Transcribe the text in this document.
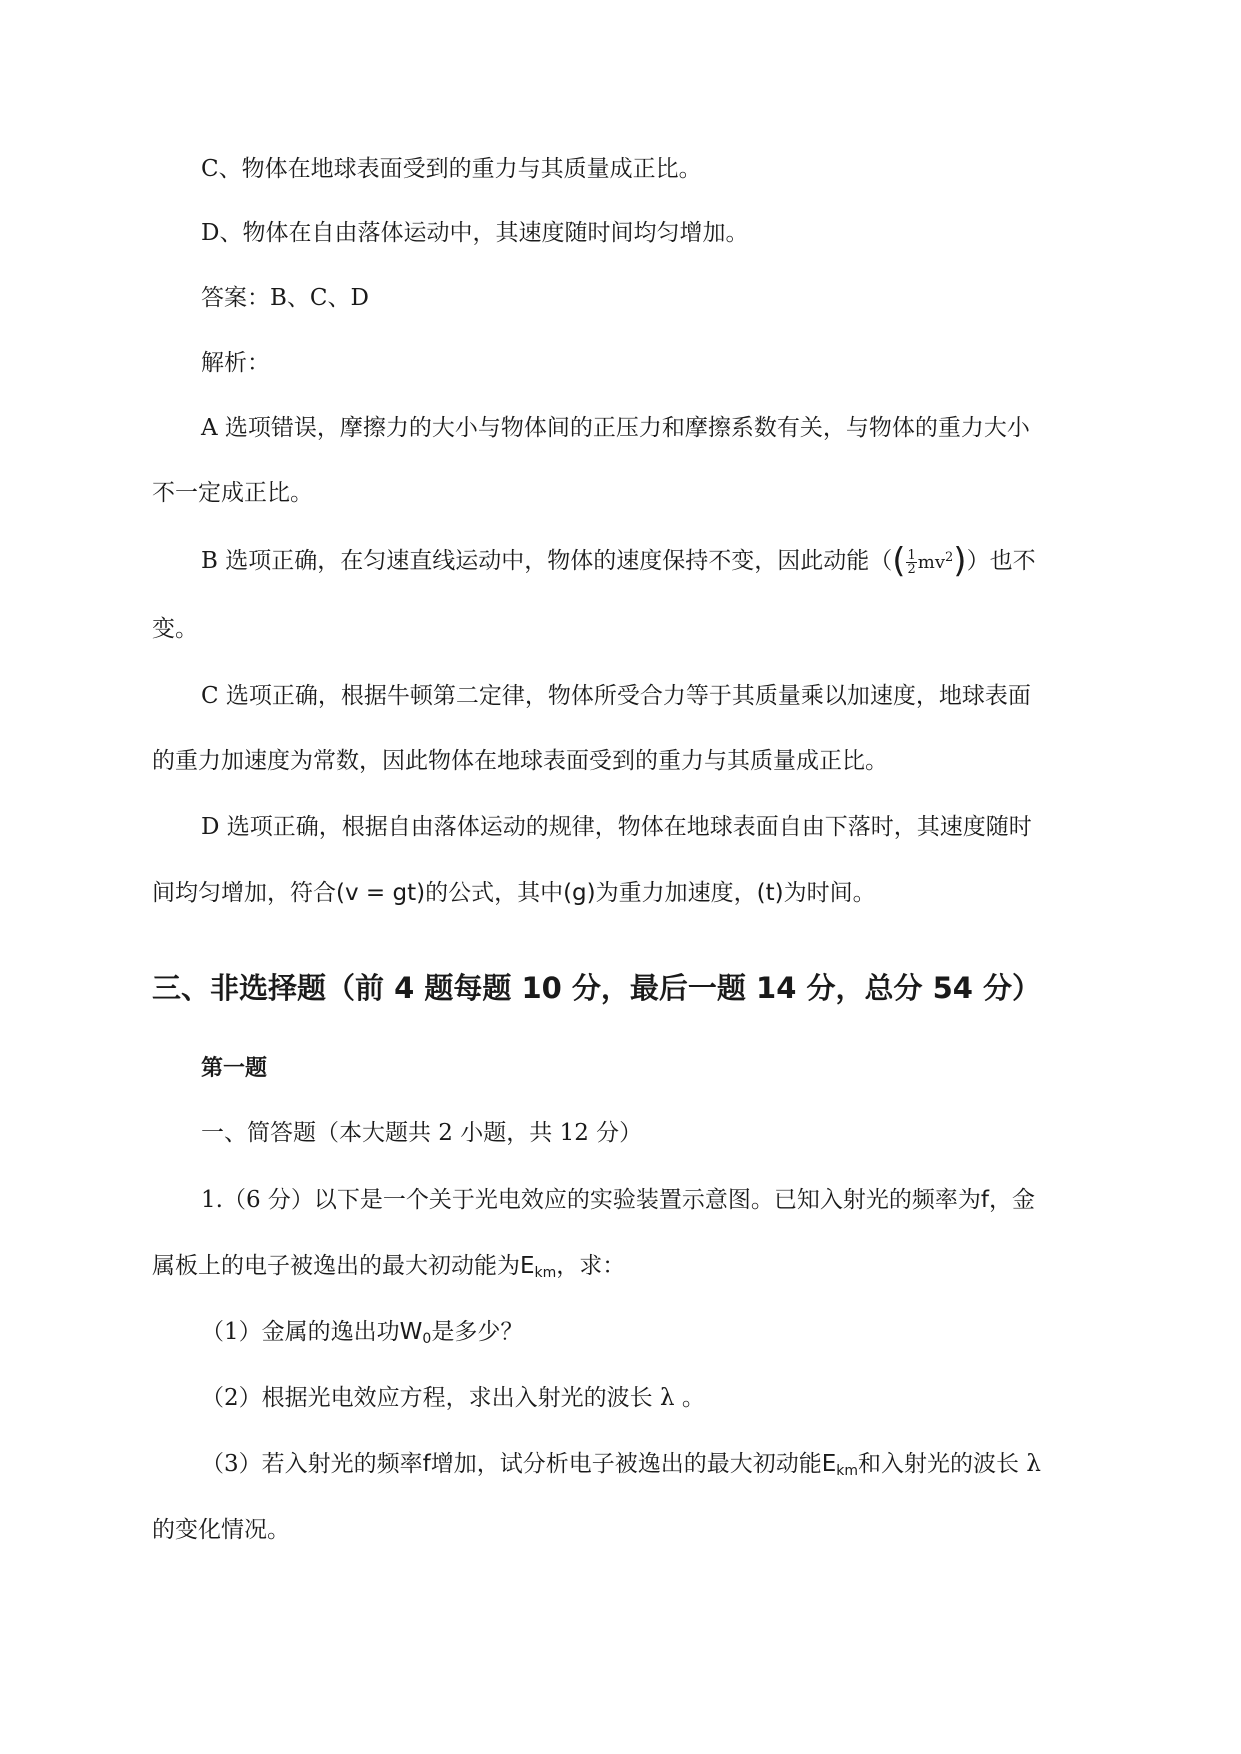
C、物体在地球表面受到的重力与其质量成正比。
D、物体在自由落体运动中，其速度随时间均匀增加。
答案：B、C、D
解析：
A 选项错误，摩擦力的大小与物体间的正压力和摩擦系数有关，与物体的重力大小
不一定成正比。
B 选项正确，在匀速直线运动中，物体的速度保持不变，因此动能（( $\frac{1}{2} mv^2$)）也不
变。
C 选项正确，根据牛顿第二定律，物体所受合力等于其质量乘以加速度，地球表面
的重力加速度为常数，因此物体在地球表面受到的重力与其质量成正比。
D 选项正确，根据自由落体运动的规律，物体在地球表面自由下落时，其速度随时
间均匀增加，符合(v = gt)的公式，其中(g)为重力加速度，(t)为时间。
三、非选择题（前 4 题每题 10 分，最后一题 14 分，总分 54 分）
第一题
一、简答题（本大题共 2 小题，共 12 分）
1.（6 分）以下是一个关于光电效应的实验装置示意图。已知入射光的频率为f，金
属板上的电子被逸出的最大初动能为$E_{km}$，求：
（1）金属的逸出功$W_0$是多少？
（2）根据光电效应方程，求出入射光的波长 λ 。
（3）若入射光的频率f增加，试分析电子被逸出的最大初动能$E_{km}$和入射光的波长 λ
的变化情况。
